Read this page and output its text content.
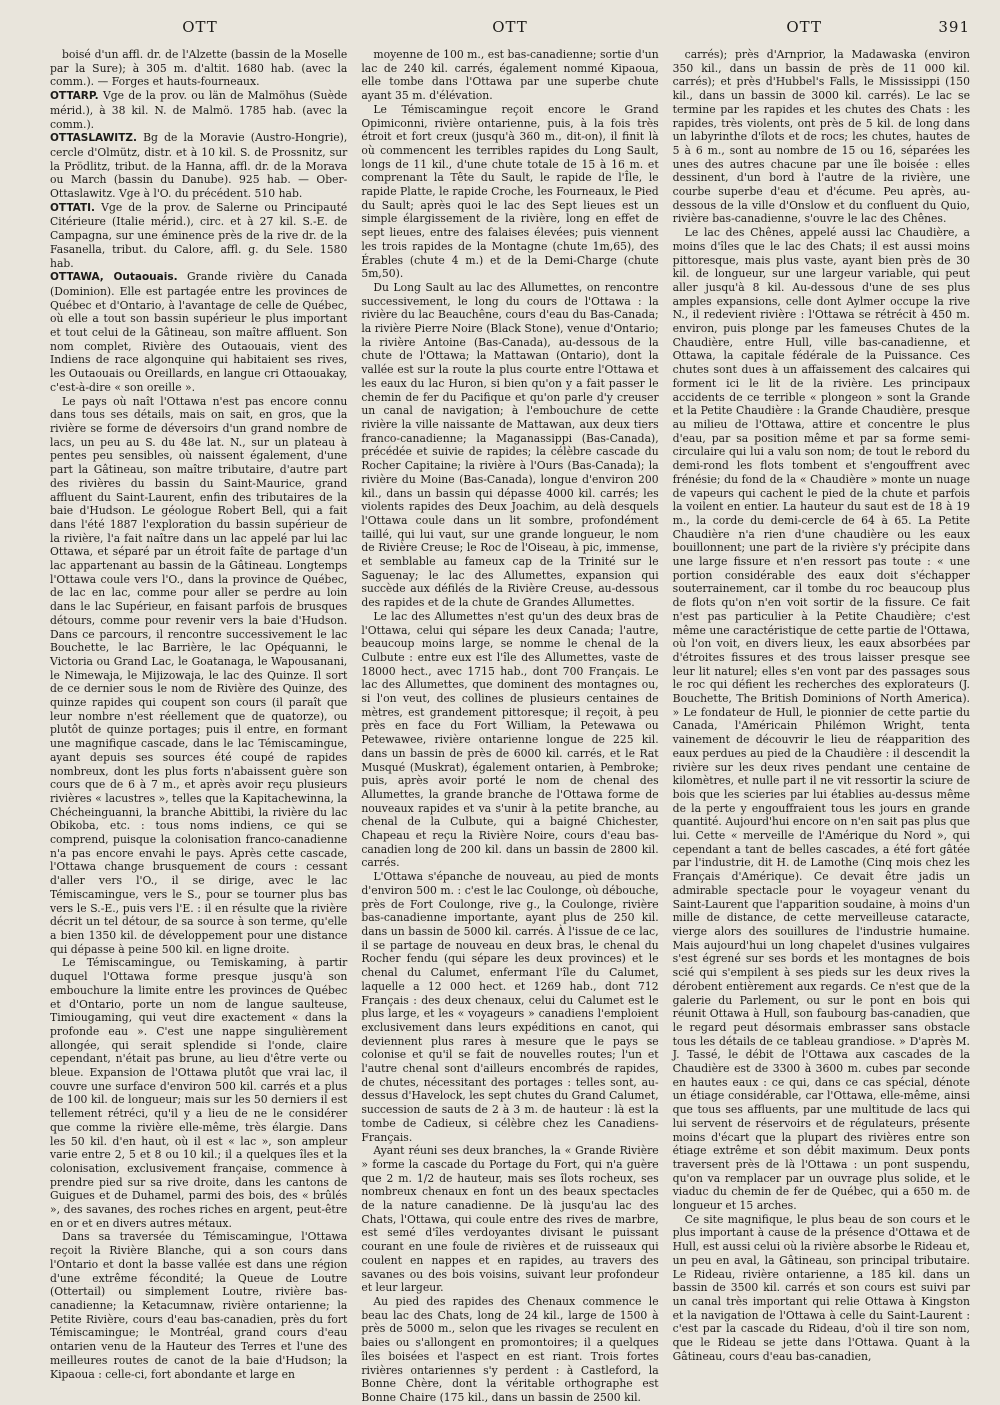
OTT	OTT	OTT	391

boisé d'un affl. dr. de l'Alzette (bassin de la Moselle par la Sure); à 305 m. d'altit. 1680 hab. (avec la comm.). — Forges et hauts-fourneaux.

OTTARP. Vge de la prov. ou län de Malmöhus (Suède mérid.), à 38 kil. N. de Malmö. 1785 hab. (avec la comm.).

OTTASLAWITZ. Bg de la Moravie (Austro-Hongrie), cercle d'Olmütz, distr. et à 10 kil. S. de Prossnitz, sur la Prödlitz, tribut. de la Hanna, affl. dr. de la Morava ou March (bassin du Danube). 925 hab. — Ober-Ottaslawitz. Vge à l'O. du précédent. 510 hab.

OTTATI. Vge de la prov. de Salerne ou Principauté Citérieure (Italie mérid.), circ. et à 27 kil. S.-E. de Campagna, sur une éminence près de la rive dr. de la Fasanella, tribut. du Calore, affl. g. du Sele. 1580 hab.

OTTAWA, Outaouais. Grande rivière du Canada (Dominion). Elle est partagée entre les provinces de Québec et d'Ontario, à l'avantage de celle de Québec, où elle a tout son bassin supérieur le plus important et tout celui de la Gâtineau, son maître affluent. Son nom complet, Rivière des Outaouais, vient des Indiens de race algonquine qui habitaient ses rives, les Outaouais ou Oreillards, en langue cri Ottaouakay, c'est-à-dire « son oreille ».

Le pays où naît l'Ottawa n'est pas encore connu dans tous ses détails, mais on sait, en gros, que la rivière se forme de déversoirs d'un grand nombre de lacs, un peu au S. du 48e lat. N., sur un plateau à pentes peu sensibles, où naissent également, d'une part la Gâtineau, son maître tributaire, d'autre part des rivières du bassin du Saint-Maurice, grand affluent du Saint-Laurent, enfin des tributaires de la baie d'Hudson. Le géologue Robert Bell, qui a fait dans l'été 1887 l'exploration du bassin supérieur de la rivière, l'a fait naître dans un lac appelé par lui lac Ottawa, et séparé par un étroit faîte de partage d'un lac appartenant au bassin de la Gâtineau. Longtemps l'Ottawa coule vers l'O., dans la province de Québec, de lac en lac, comme pour aller se perdre au loin dans le lac Supérieur, en faisant parfois de brusques détours, comme pour revenir vers la baie d'Hudson. Dans ce parcours, il rencontre successivement le lac Bouchette, le lac Barrière, le lac Opéquanni, le Victoria ou Grand Lac, le Goatanaga, le Wapousanani, le Nimewaja, le Mijizowaja, le lac des Quinze. Il sort de ce dernier sous le nom de Rivière des Quinze, des quinze rapides qui coupent son cours (il paraît que leur nombre n'est réellement que de quatorze), ou plutôt de quinze portages; puis il entre, en formant une magnifique cascade, dans le lac Témiscamingue, ayant depuis ses sources été coupé de rapides nombreux, dont les plus forts n'abaissent guère son cours que de 6 à 7 m., et après avoir reçu plusieurs rivières « lacustres », telles que la Kapitachewinna, la Chécheinguanni, la branche Abittibi, la rivière du lac Obikoba, etc. : tous noms indiens, ce qui se comprend, puisque la colonisation franco-canadienne n'a pas encore envahi le pays. Après cette cascade, l'Ottawa change brusquement de cours : cessant d'aller vers l'O., il se dirige, avec le lac Témiscamingue, vers le S., pour se tourner plus bas vers le S.-E., puis vers l'E. : il en résulte que la rivière décrit un tel détour, de sa source à son terme, qu'elle a bien 1350 kil. de développement pour une distance qui dépasse à peine 500 kil. en ligne droite.

Le Témiscamingue, ou Temiskaming, à partir duquel l'Ottawa forme presque jusqu'à son embouchure la limite entre les provinces de Québec et d'Ontario, porte un nom de langue saulteuse, Timiougaming, qui veut dire exactement « dans la profonde eau ». C'est une nappe singulièrement allongée, qui serait splendide si l'onde, claire cependant, n'était pas brune, au lieu d'être verte ou bleue. Expansion de l'Ottawa plutôt que vrai lac, il couvre une surface d'environ 500 kil. carrés et a plus de 100 kil. de longueur; mais sur les 50 derniers il est tellement rétréci, qu'il y a lieu de ne le considérer que comme la rivière elle-même, très élargie. Dans les 50 kil. d'en haut, où il est « lac », son ampleur varie entre 2, 5 et 8 ou 10 kil.; il a quelques îles et la colonisation, exclusivement française, commence à prendre pied sur sa rive droite, dans les cantons de Guigues et de Duhamel, parmi des bois, des « brûlés », des savanes, des roches riches en argent, peut-être en or et en divers autres métaux.

Dans sa traversée du Témiscamingue, l'Ottawa reçoit la Rivière Blanche, qui a son cours dans l'Ontario et dont la basse vallée est dans une région d'une extrême fécondité; la Queue de Loutre (Ottertail) ou simplement Loutre, rivière bas-canadienne; la Ketacumnaw, rivière ontarienne; la Petite Rivière, cours d'eau bas-canadien, près du fort Témiscamingue; le Montréal, grand cours d'eau ontarien venu de la Hauteur des Terres et l'une des meilleures routes de canot de la baie d'Hudson; la Kipaoua : celle-ci, fort abondante et large en

moyenne de 100 m., est bas-canadienne; sortie d'un lac de 240 kil. carrés, également nommé Kipaoua, elle tombe dans l'Ottawa par une superbe chute ayant 35 m. d'élévation.

Le Témiscamingue reçoit encore le Grand Opimiconni, rivière ontarienne, puis, à la fois très étroit et fort creux (jusqu'à 360 m., dit-on), il finit là où commencent les terribles rapides du Long Sault, longs de 11 kil., d'une chute totale de 15 à 16 m. et comprenant la Tête du Sault, le rapide de l'Île, le rapide Platte, le rapide Croche, les Fourneaux, le Pied du Sault; après quoi le lac des Sept lieues est un simple élargissement de la rivière, long en effet de sept lieues, entre des falaises élevées; puis viennent les trois rapides de la Montagne (chute 1m,65), des Érables (chute 4 m.) et de la Demi-Charge (chute 5m,50).

Du Long Sault au lac des Allumettes, on rencontre successivement, le long du cours de l'Ottawa : la rivière du lac Beauchêne, cours d'eau du Bas-Canada; la rivière Pierre Noire (Black Stone), venue d'Ontario; la rivière Antoine (Bas-Canada), au-dessous de la chute de l'Ottawa; la Mattawan (Ontario), dont la vallée est sur la route la plus courte entre l'Ottawa et les eaux du lac Huron, si bien qu'on y a fait passer le chemin de fer du Pacifique et qu'on parle d'y creuser un canal de navigation; à l'embouchure de cette rivière la ville naissante de Mattawan, aux deux tiers franco-canadienne; la Maganassippi (Bas-Canada), précédée et suivie de rapides; la célèbre cascade du Rocher Capitaine; la rivière à l'Ours (Bas-Canada); la rivière du Moine (Bas-Canada), longue d'environ 200 kil., dans un bassin qui dépasse 4000 kil. carrés; les violents rapides des Deux Joachim, au delà desquels l'Ottawa coule dans un lit sombre, profondément taillé, qui lui vaut, sur une grande longueur, le nom de Rivière Creuse; le Roc de l'Oiseau, à pic, immense, et semblable au fameux cap de la Trinité sur le Saguenay; le lac des Allumettes, expansion qui succède aux défilés de la Rivière Creuse, au-dessous des rapides et de la chute de Grandes Allumettes.

Le lac des Allumettes n'est qu'un des deux bras de l'Ottawa, celui qui sépare les deux Canada; l'autre, beaucoup moins large, se nomme le chenal de la Culbute : entre eux est l'île des Allumettes, vaste de 18000 hect., avec 1715 hab., dont 700 Français. Le lac des Allumettes, que dominent des montagnes ou, si l'on veut, des collines de plusieurs centaines de mètres, est grandement pittoresque; il reçoit, à peu près en face du Fort William, la Petewawa ou Petewawee, rivière ontarienne longue de 225 kil. dans un bassin de près de 6000 kil. carrés, et le Rat Musqué (Muskrat), également ontarien, à Pembroke; puis, après avoir porté le nom de chenal des Allumettes, la grande branche de l'Ottawa forme de nouveaux rapides et va s'unir à la petite branche, au chenal de la Culbute, qui a baigné Chichester, Chapeau et reçu la Rivière Noire, cours d'eau bas-canadien long de 200 kil. dans un bassin de 2800 kil. carrés.

L'Ottawa s'épanche de nouveau, au pied de monts d'environ 500 m. : c'est le lac Coulonge, où débouche, près de Fort Coulonge, rive g., la Coulonge, rivière bas-canadienne importante, ayant plus de 250 kil. dans un bassin de 5000 kil. carrés. À l'issue de ce lac, il se partage de nouveau en deux bras, le chenal du Rocher fendu (qui sépare les deux provinces) et le chenal du Calumet, enfermant l'île du Calumet, laquelle a 12 000 hect. et 1269 hab., dont 712 Français : des deux chenaux, celui du Calumet est le plus large, et les « voyageurs » canadiens l'emploient exclusivement dans leurs expéditions en canot, qui deviennent plus rares à mesure que le pays se colonise et qu'il se fait de nouvelles routes; l'un et l'autre chenal sont d'ailleurs encombrés de rapides, de chutes, nécessitant des portages : telles sont, au-dessus d'Havelock, les sept chutes du Grand Calumet, succession de sauts de 2 à 3 m. de hauteur : là est la tombe de Cadieux, si célèbre chez les Canadiens-Français.

Ayant réuni ses deux branches, la « Grande Rivière » forme la cascade du Portage du Fort, qui n'a guère que 2 m. 1/2 de hauteur, mais ses îlots rocheux, ses nombreux chenaux en font un des beaux spectacles de la nature canadienne. De là jusqu'au lac des Chats, l'Ottawa, qui coule entre des rives de marbre, est semé d'îles verdoyantes divisant le puissant courant en une foule de rivières et de ruisseaux qui coulent en nappes et en rapides, au travers des savanes ou des bois voisins, suivant leur profondeur et leur largeur.

Au pied des rapides des Chenaux commence le beau lac des Chats, long de 24 kil., large de 1500 à près de 5000 m., selon que les rivages se reculent en baies ou s'allongent en promontoires; il a quelques îles boisées et l'aspect en est riant. Trois fortes rivières ontariennes s'y perdent : à Castleford, la Bonne Chère, dont la véritable orthographe est Bonne Chaire (175 kil., dans un bassin de 2500 kil.

carrés); près d'Arnprior, la Madawaska (environ 350 kil., dans un bassin de près de 11 000 kil. carrés); et près d'Hubbel's Falls, le Mississippi (150 kil., dans un bassin de 3000 kil. carrés). Le lac se termine par les rapides et les chutes des Chats : les rapides, très violents, ont près de 5 kil. de long dans un labyrinthe d'îlots et de rocs; les chutes, hautes de 5 à 6 m., sont au nombre de 15 ou 16, séparées les unes des autres chacune par une île boisée : elles dessinent, d'un bord à l'autre de la rivière, une courbe superbe d'eau et d'écume. Peu après, au-dessous de la ville d'Onslow et du confluent du Quio, rivière bas-canadienne, s'ouvre le lac des Chênes.

Le lac des Chênes, appelé aussi lac Chaudière, a moins d'îles que le lac des Chats; il est aussi moins pittoresque, mais plus vaste, ayant bien près de 30 kil. de longueur, sur une largeur variable, qui peut aller jusqu'à 8 kil. Au-dessous d'une de ses plus amples expansions, celle dont Aylmer occupe la rive N., il redevient rivière : l'Ottawa se rétrécit à 450 m. environ, puis plonge par les fameuses Chutes de la Chaudière, entre Hull, ville bas-canadienne, et Ottawa, la capitale fédérale de la Puissance. Ces chutes sont dues à un affaissement des calcaires qui forment ici le lit de la rivière. Les principaux accidents de ce terrible « plongeon » sont la Grande et la Petite Chaudière : la Grande Chaudière, presque au milieu de l'Ottawa, attire et concentre le plus d'eau, par sa position même et par sa forme semi-circulaire qui lui a valu son nom; de tout le rebord du demi-rond les flots tombent et s'engouffrent avec frénésie; du fond de la « Chaudière » monte un nuage de vapeurs qui cachent le pied de la chute et parfois la voilent en entier. La hauteur du saut est de 18 à 19 m., la corde du demi-cercle de 64 à 65. La Petite Chaudière n'a rien d'une chaudière ou les eaux bouillonnent; une part de la rivière s'y précipite dans une large fissure et n'en ressort pas toute : « une portion considérable des eaux doit s'échapper souterrainement, car il tombe du roc beaucoup plus de flots qu'on n'en voit sortir de la fissure. Ce fait n'est pas particulier à la Petite Chaudière; c'est même une caractéristique de cette partie de l'Ottawa, où l'on voit, en divers lieux, les eaux absorbées par d'étroites fissures et des trous laisser presque see leur lit naturel; elles s'en vont par des passages sous le roc qui défient les recherches des explorateurs (J. Bouchette, The British Dominions of North America). » Le fondateur de Hull, le pionnier de cette partie du Canada, l'Américain Philémon Wright, tenta vainement de découvrir le lieu de réapparition des eaux perdues au pied de la Chaudière : il descendit la rivière sur les deux rives pendant une centaine de kilomètres, et nulle part il ne vit ressortir la sciure de bois que les scieries par lui établies au-dessus même de la perte y engouffraient tous les jours en grande quantité. Aujourd'hui encore on n'en sait pas plus que lui. Cette « merveille de l'Amérique du Nord », qui cependant a tant de belles cascades, a été fort gâtée par l'industrie, dit H. de Lamothe (Cinq mois chez les Français d'Amérique). Ce devait être jadis un admirable spectacle pour le voyageur venant du Saint-Laurent que l'apparition soudaine, à moins d'un mille de distance, de cette merveilleuse cataracte, vierge alors des souillures de l'industrie humaine. Mais aujourd'hui un long chapelet d'usines vulgaires s'est égrené sur ses bords et les montagnes de bois scié qui s'empilent à ses pieds sur les deux rives la dérobent entièrement aux regards. Ce n'est que de la galerie du Parlement, ou sur le pont en bois qui réunit Ottawa à Hull, son faubourg bas-canadien, que le regard peut désormais embrasser sans obstacle tous les détails de ce tableau grandiose. » D'après M. J. Tassé, le débit de l'Ottawa aux cascades de la Chaudière est de 3300 à 3600 m. cubes par seconde en hautes eaux : ce qui, dans ce cas spécial, dénote un étiage considérable, car l'Ottawa, elle-même, ainsi que tous ses affluents, par une multitude de lacs qui lui servent de réservoirs et de régulateurs, présente moins d'écart que la plupart des rivières entre son étiage extrême et son débit maximum. Deux ponts traversent près de là l'Ottawa : un pont suspendu, qu'on va remplacer par un ouvrage plus solide, et le viaduc du chemin de fer de Québec, qui a 650 m. de longueur et 15 arches.

Ce site magnifique, le plus beau de son cours et le plus important à cause de la présence d'Ottawa et de Hull, est aussi celui où la rivière absorbe le Rideau et, un peu en aval, la Gâtineau, son principal tributaire. Le Rideau, rivière ontarienne, a 185 kil. dans un bassin de 3500 kil. carrés et son cours est suivi par un canal très important qui relie Ottawa à Kingston et la navigation de l'Ottawa à celle du Saint-Laurent : c'est par la cascade du Rideau, d'où il tire son nom, que le Rideau se jette dans l'Ottawa. Quant à la Gâtineau, cours d'eau bas-canadien,
